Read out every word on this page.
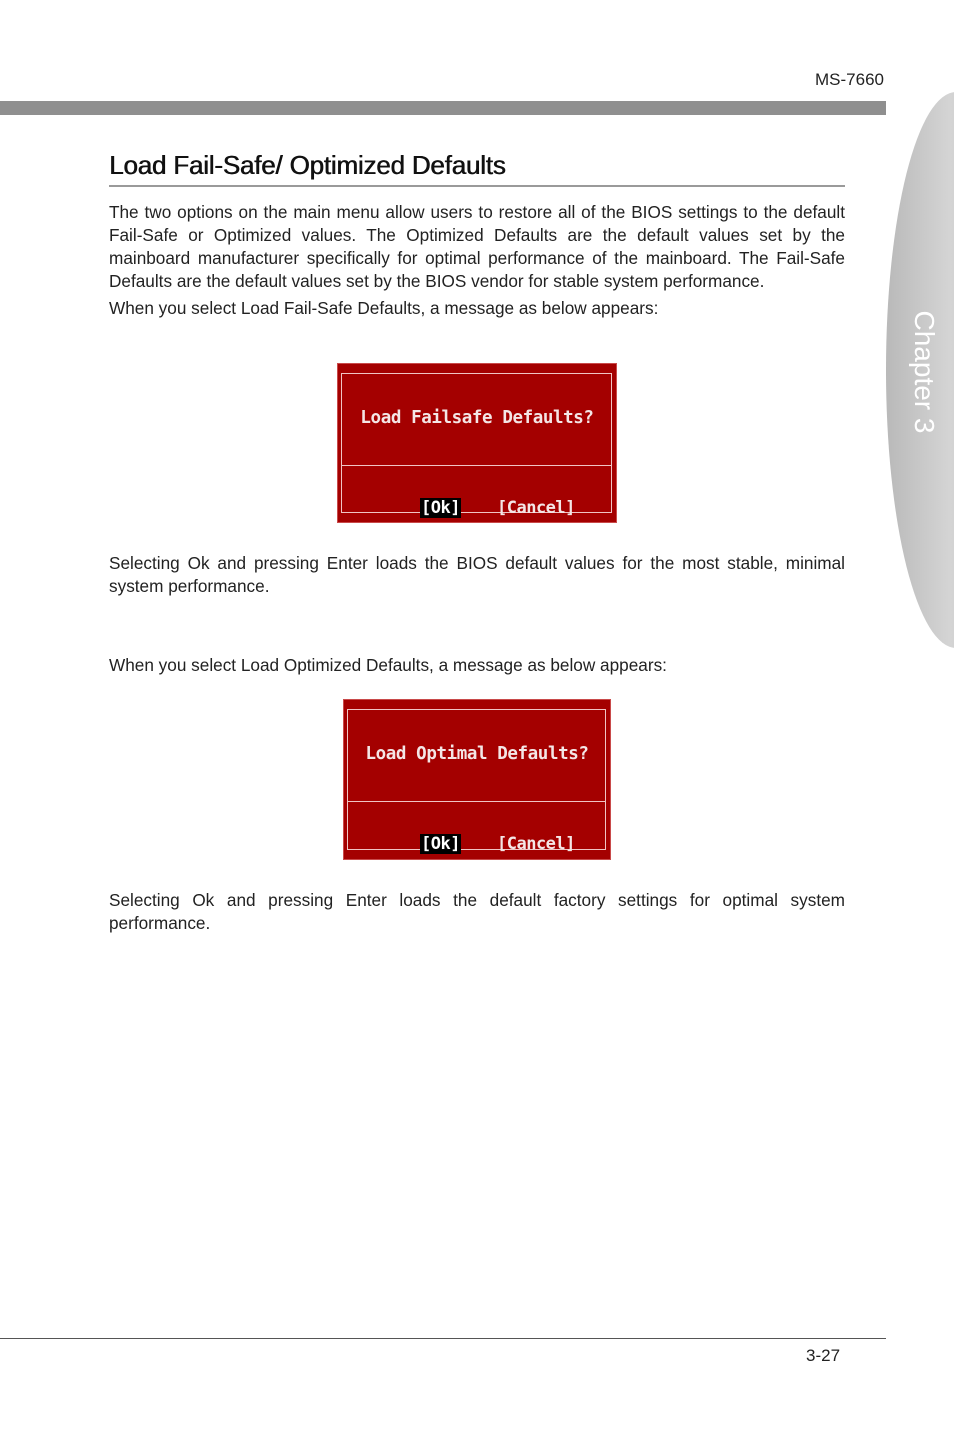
MS-7660
Chapter 3
Load Fail-Safe/ Optimized Defaults

The two options on the main menu allow users to restore all of the BIOS settings to the default Fail-Safe or Optimized values. The Optimized Defaults are the default values set by the mainboard manufacturer specifically for optimal performance of the mainboard. The Fail-Safe Defaults are the default values set by the BIOS vendor for stable system performance.

When you select Load Fail-Safe Defaults, a message as below appears:

Load Failsafe Defaults?

[Ok] [Cancel]

Selecting Ok and pressing Enter loads the BIOS default values for the most stable, minimal system performance.

When you select Load Optimized Defaults, a message as below appears:

Load Optimal Defaults?

[Ok] [Cancel]

Selecting Ok and pressing Enter loads the default factory settings for optimal system performance.

3-27
